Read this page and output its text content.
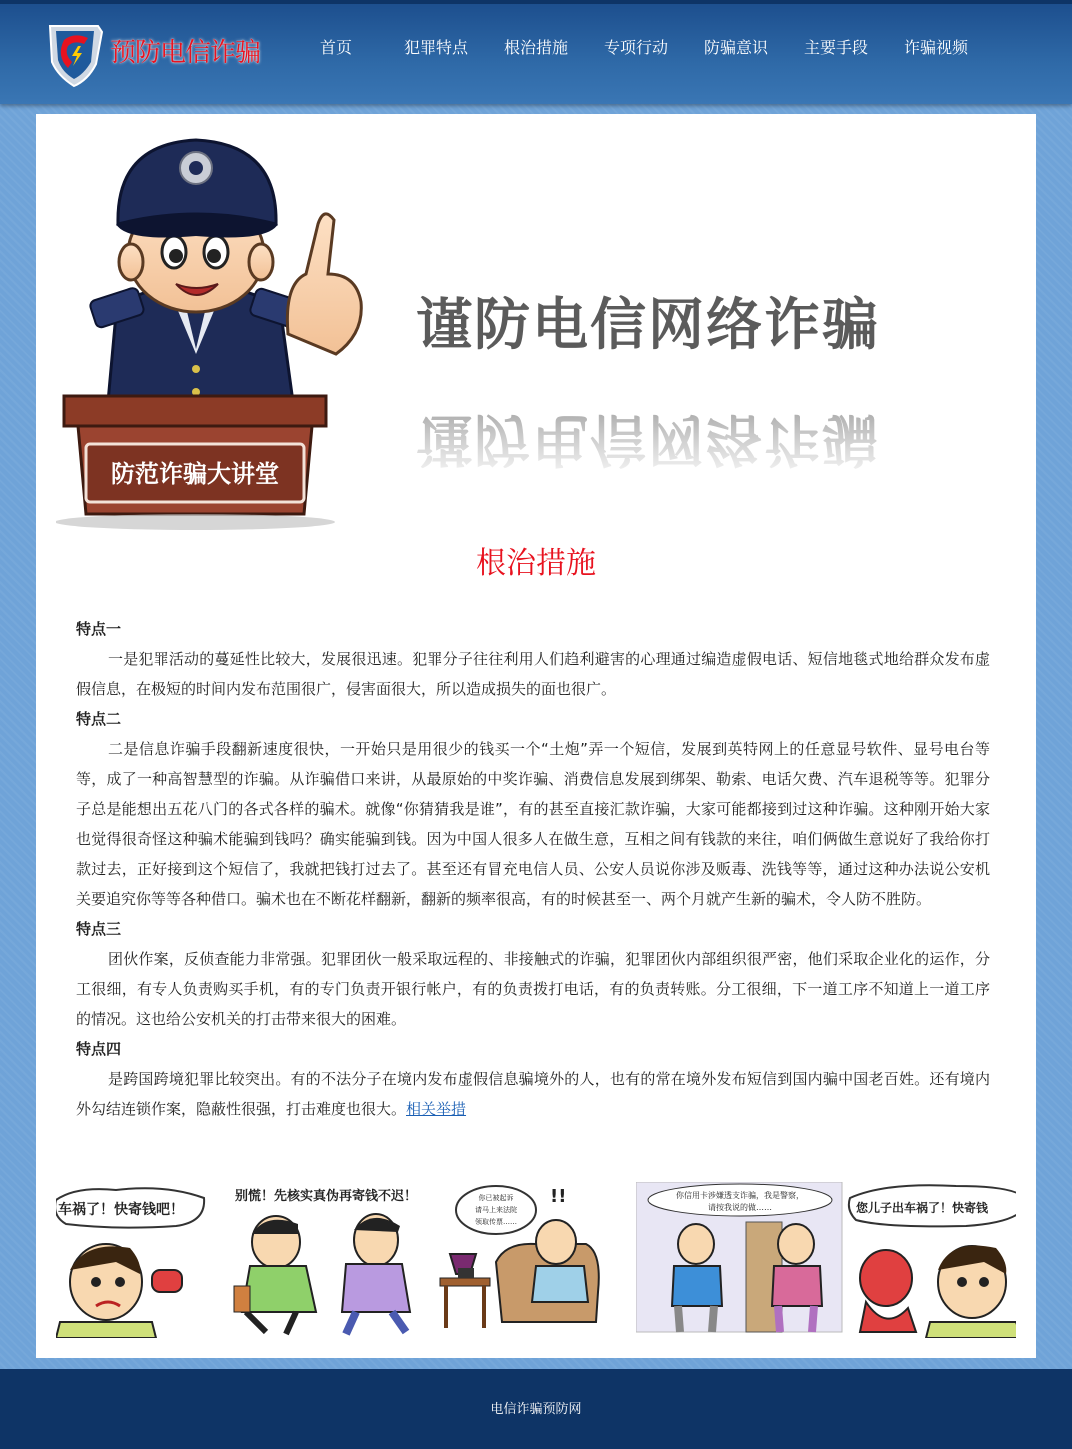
预防电信诈骗	首页	犯罪特点	根治措施	专项行动	防骗意识	主要手段	诈骗视频
防范诈骗大讲堂
谨防电信网络诈骗
谨防电信网络诈骗
根治措施
特点一

一是犯罪活动的蔓延性比较大，发展很迅速。犯罪分子往往利用人们趋利避害的心理通过编造虚假电话、短信地毯式地给群众发布虚假信息，在极短的时间内发布范围很广，侵害面很大，所以造成损失的面也很广。

特点二

二是信息诈骗手段翻新速度很快，一开始只是用很少的钱买一个“土炮”弄一个短信，发展到英特网上的任意显号软件、显号电台等等，成了一种高智慧型的诈骗。从诈骗借口来讲，从最原始的中奖诈骗、消费信息发展到绑架、勒索、电话欠费、汽车退税等等。犯罪分子总是能想出五花八门的各式各样的骗术。就像“你猜猜我是谁”，有的甚至直接汇款诈骗，大家可能都接到过这种诈骗。这种刚开始大家也觉得很奇怪这种骗术能骗到钱吗？确实能骗到钱。因为中国人很多人在做生意，互相之间有钱款的来往，咱们俩做生意说好了我给你打款过去，正好接到这个短信了，我就把钱打过去了。甚至还有冒充电信人员、公安人员说你涉及贩毒、洗钱等等，通过这种办法说公安机关要追究你等等各种借口。骗术也在不断花样翻新，翻新的频率很高，有的时候甚至一、两个月就产生新的骗术，令人防不胜防。

特点三

团伙作案，反侦查能力非常强。犯罪团伙一般采取远程的、非接触式的诈骗，犯罪团伙内部组织很严密，他们采取企业化的运作，分工很细，有专人负责购买手机，有的专门负责开银行帐户，有的负责拨打电话，有的负责转账。分工很细，下一道工序不知道上一道工序的情况。这也给公安机关的打击带来很大的困难。

特点四

是跨国跨境犯罪比较突出。有的不法分子在境内发布虚假信息骗境外的人，也有的常在境外发布短信到国内骗中国老百姓。还有境内外勾结连锁作案，隐蔽性很强，打击难度也很大。相关举措

车祸了！快寄钱吧！
别慌！先核实真伪再寄钱不迟！	你已被起诉
请马上来法院
领取传票……
!!	你信用卡涉嫌透支诈骗，我是警察，
请按我说的做……	您儿子出车祸了！快寄钱
电信诈骗预防网
